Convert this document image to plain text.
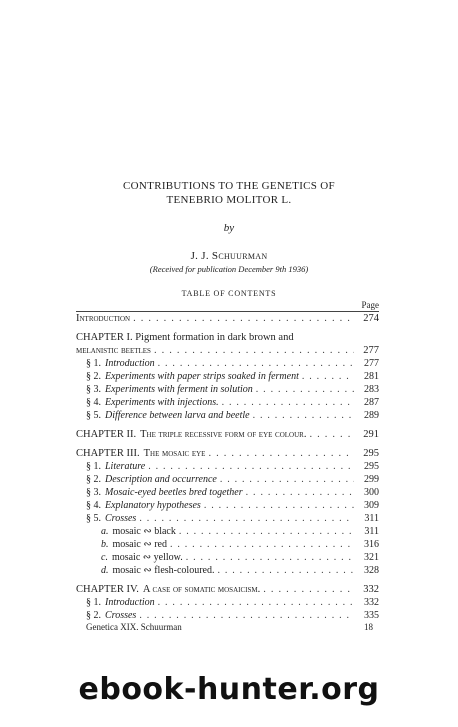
CONTRIBUTIONS TO THE GENETICS OF
TENEBRIO MOLITOR L.
by
J. J. Schuurman
(Received for publication December 9th 1936)
TABLE OF CONTENTS
Page
Introduction . . .	274
CHAPTER I. Pigment formation in dark brown and
melanistic beetles . . .	277
§ 1. Introduction . . .	277
§ 2. Experiments with paper strips soaked in ferment . . .	281
§ 3. Experiments with ferment in solution . . .	283
§ 4. Experiments with injections. . . .	287
§ 5. Difference between larva and beetle . . .	289
CHAPTER II. The triple recessive form of eye colour. . . .	291
CHAPTER III. The mosaic eye . . .	295
§ 1. Literature . . .	295
§ 2. Description and occurrence . . .	299
§ 3. Mosaic-eyed beetles bred together . . .	300
§ 4. Explanatory hypotheses . . .	309
§ 5. Crosses . . .	311
a. mosaic ∾ black . . .	311
b. mosaic ∾ red . . .	316
c. mosaic ∾ yellow. . . .	321
d. mosaic ∾ flesh-coloured. . . .	328
CHAPTER IV. A case of somatic mosaicism. . . .	332
§ 1. Introduction . . .	332
§ 2. Crosses . . .	335
Genetica XIX. Schuurman	18
ebook-hunter.org
